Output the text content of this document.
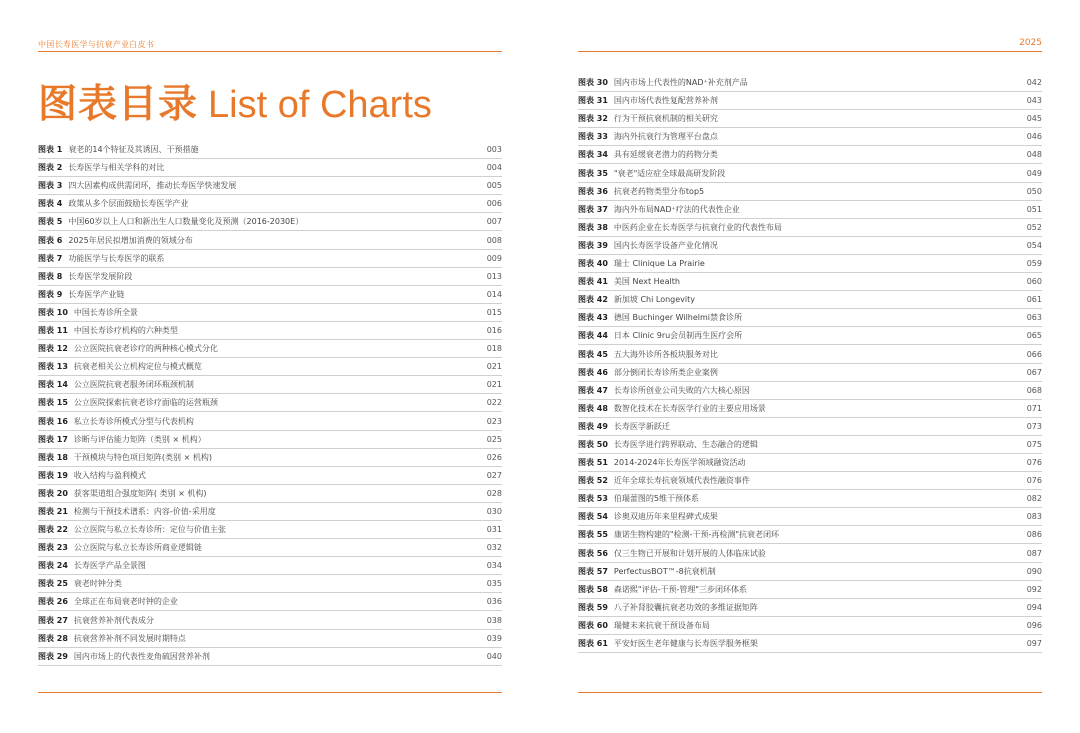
中国长寿医学与抗衰产业白皮书	2025
图表目录 List of Charts
图表 1 衰老的14个特征及其诱因、干预措施	003
图表 2 长寿医学与相关学科的对比	004
图表 3 四大因素构成供需闭环，推动长寿医学快速发展	005
图表 4 政策从多个层面鼓励长寿医学产业	006
图表 5 中国60岁以上人口和新出生人口数量变化及预测（2016-2030E）	007
图表 6 2025年居民拟增加消费的领域分布	008
图表 7 功能医学与长寿医学的联系	009
图表 8 长寿医学发展阶段	013
图表 9 长寿医学产业链	014
图表 10 中国长寿诊所全景	015
图表 11 中国长寿诊疗机构的六种类型	016
图表 12 公立医院抗衰老诊疗的两种核心模式分化	018
图表 13 抗衰老相关公立机构定位与模式概览	021
图表 14 公立医院抗衰老服务闭环瓶颈机制	021
图表 15 公立医院探索抗衰老诊疗面临的运营瓶颈	022
图表 16 私立长寿诊所模式分型与代表机构	023
图表 17 诊断与评估能力矩阵（类别 × 机构）	025
图表 18 干预模块与特色项目矩阵(类别 × 机构)	026
图表 19 收入结构与盈利模式	027
图表 20 获客渠道组合强度矩阵( 类别 × 机构)	028
图表 21 检测与干预技术谱系：内容-价值-采用度	030
图表 22 公立医院与私立长寿诊所：定位与价值主张	031
图表 23 公立医院与私立长寿诊所商业逻辑链	032
图表 24 长寿医学产品全景图	034
图表 25 衰老时钟分类	035
图表 26 全球正在布局衰老时钟的企业	036
图表 27 抗衰营养补剂代表成分	038
图表 28 抗衰营养补剂不同发展时期特点	039
图表 29 国内市场上的代表性麦角硫因营养补剂	040
图表 30 国内市场上代表性的NAD⁺补充剂产品	042
图表 31 国内市场代表性复配营养补剂	043
图表 32 行为干预抗衰机制的相关研究	045
图表 33 海内外抗衰行为管理平台盘点	046
图表 34 具有延缓衰老潜力的药物分类	048
图表 35 "衰老"适应症全球最高研发阶段	049
图表 36 抗衰老药物类型分布top5	050
图表 37 海内外布局NAD⁺疗法的代表性企业	051
图表 38 中医药企业在长寿医学与抗衰行业的代表性布局	052
图表 39 国内长寿医学设备产业化情况	054
图表 40 瑞士 Clinique La Prairie	059
图表 41 美国 Next Health	060
图表 42 新加坡 Chi Longevity	061
图表 43 德国 Buchinger Wilhelmi禁食诊所	063
图表 44 日本 Clinic 9ru会员制再生医疗会所	065
图表 45 五大海外诊所各板块服务对比	066
图表 46 部分倒闭长寿诊所类企业案例	067
图表 47 长寿诊所创业公司失败的六大核心原因	068
图表 48 数智化技术在长寿医学行业的主要应用场景	071
图表 49 长寿医学新跃迁	073
图表 50 长寿医学进行跨界联动、生态融合的逻辑	075
图表 51 2014-2024年长寿医学领域融资活动	076
图表 52 近年全球长寿抗衰领域代表性融资事件	076
图表 53 伯瑞蕾图的5维干预体系	082
图表 54 诊奥双迪历年来里程碑式成果	083
图表 55 康诺生物构建的"检测-干预-再检测"抗衰老闭环	086
图表 56 仅三生物已开展和计划开展的人体临床试验	087
图表 57 PerfectusBOT™-8抗衰机制	090
图表 58 森诺熙"评估-干预-管理"三步闭环体系	092
图表 59 八子补肾胶囊抗衰老功效的多维证据矩阵	094
图表 60 瑞健未来抗衰干预设备布局	096
图表 61 平安好医生老年健康与长寿医学服务框架	097
